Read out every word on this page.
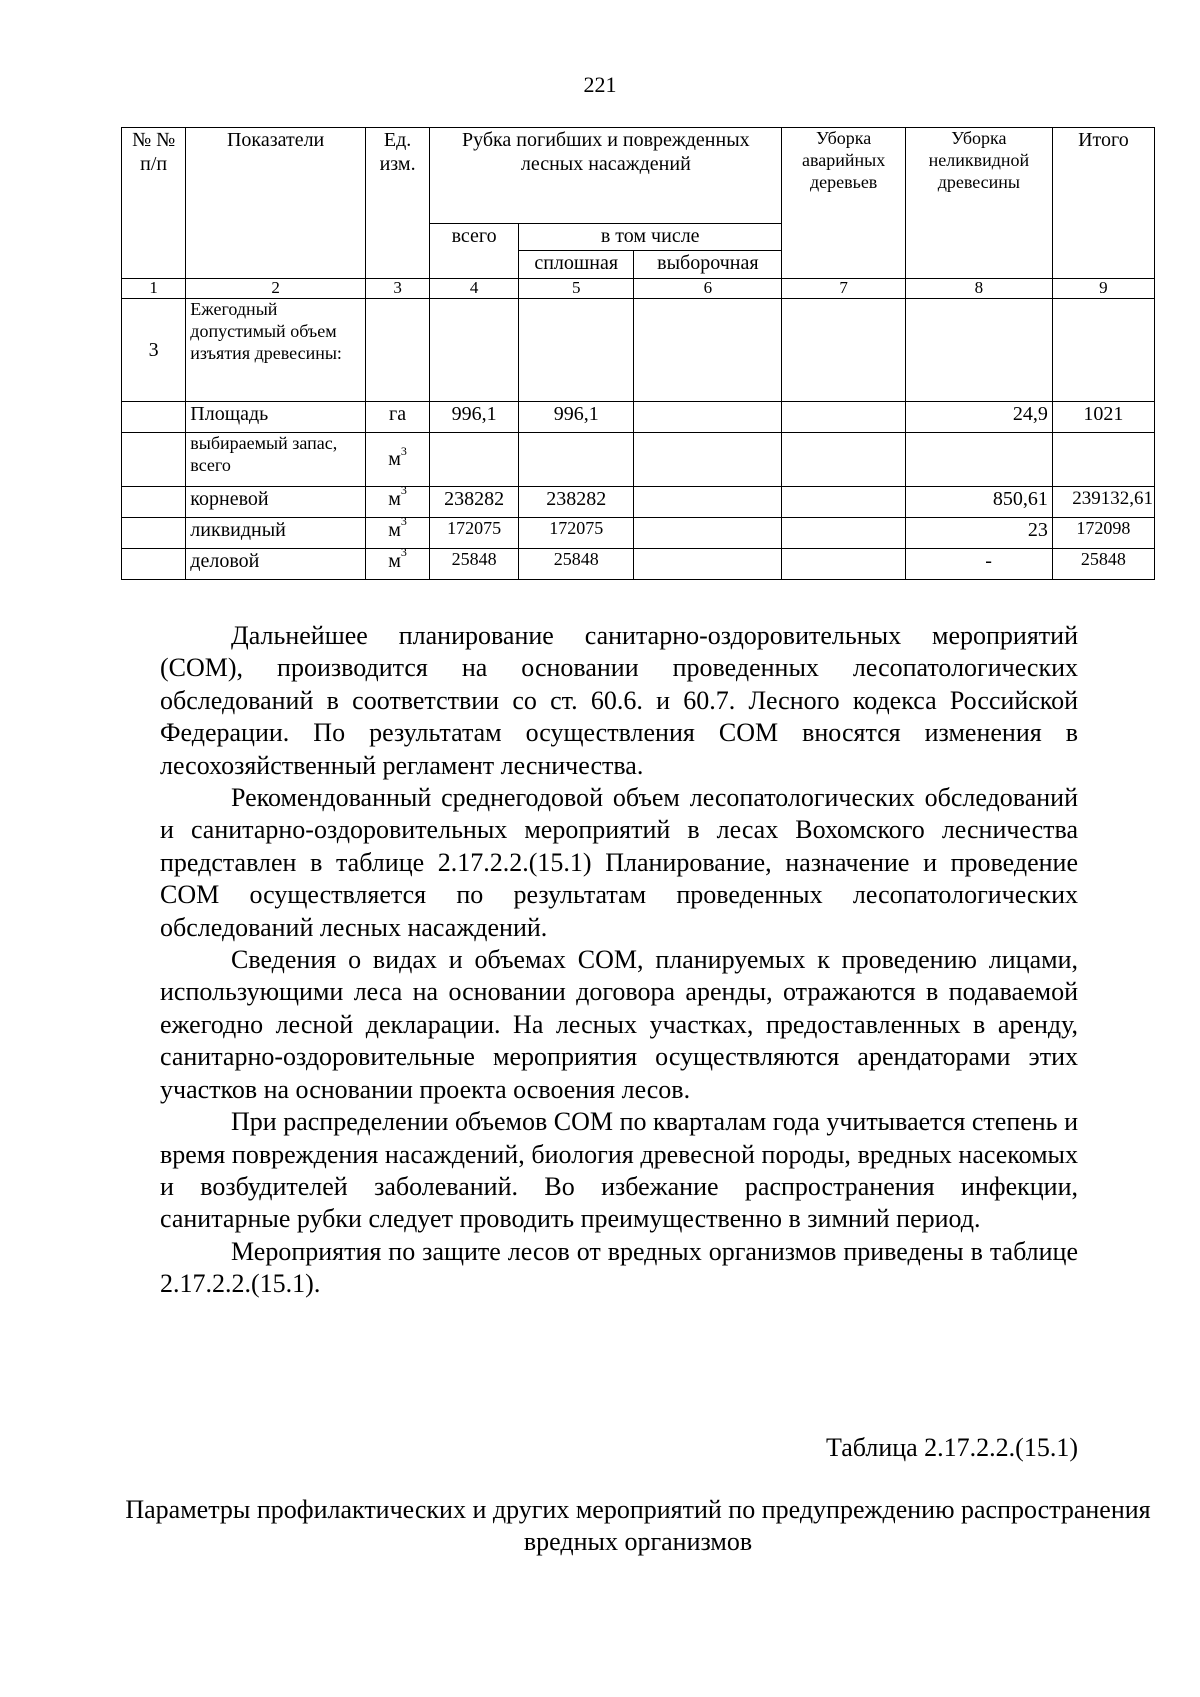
221
№ № п/п	Показатели	Ед. изм.	Рубка погибших и поврежденных лесных насаждений			Уборка аварийных деревьев	Уборка неликвидной древесины	Итого
			всего	в том числе				
				сплошная	выборочная			
1	2	3	4	5	6	7	8	9
3	Ежегодный допустимый объем изъятия древесины:							
	Площадь	га	996,1	996,1			24,9	1021
	выбираемый запас, всего	$м^3$						
	корневой	$м^3$	238282	238282			850,61	239132,61
	ликвидный	$м^3$	172075	172075			23	172098
	деловой	$м^3$	25848	25848			-	25848

Дальнейшее планирование санитарно-оздоровительных мероприятий (СОМ), производится на основании проведенных лесопатологических обследований в соответствии со ст. 60.6. и 60.7. Лесного кодекса Российской Федерации. По результатам осуществления СОМ вносятся изменения в лесохозяйственный регламент лесничества.

Рекомендованный среднегодовой объем лесопатологических обследований и санитарно-оздоровительных мероприятий в лесах Вохомского лесничества представлен в таблице 2.17.2.2.(15.1) Планирование, назначение и проведение СОМ осуществляется по результатам проведенных лесопатологических обследований лесных насаждений.

Сведения о видах и объемах СОМ, планируемых к проведению лицами, использующими леса на основании договора аренды, отражаются в подаваемой ежегодно лесной декларации. На лесных участках, предоставленных в аренду, санитарно-оздоровительные мероприятия осуществляются арендаторами этих участков на основании проекта освоения лесов.

При распределении объемов СОМ по кварталам года учитывается степень и время повреждения насаждений, биология древесной породы, вредных насекомых и возбудителей заболеваний. Во избежание распространения инфекции, санитарные рубки следует проводить преимущественно в зимний период.

Мероприятия по защите лесов от вредных организмов приведены в таблице 2.17.2.2.(15.1).

Таблица 2.17.2.2.(15.1)
Параметры профилактических и других мероприятий по предупреждению распространения вредных организмов
